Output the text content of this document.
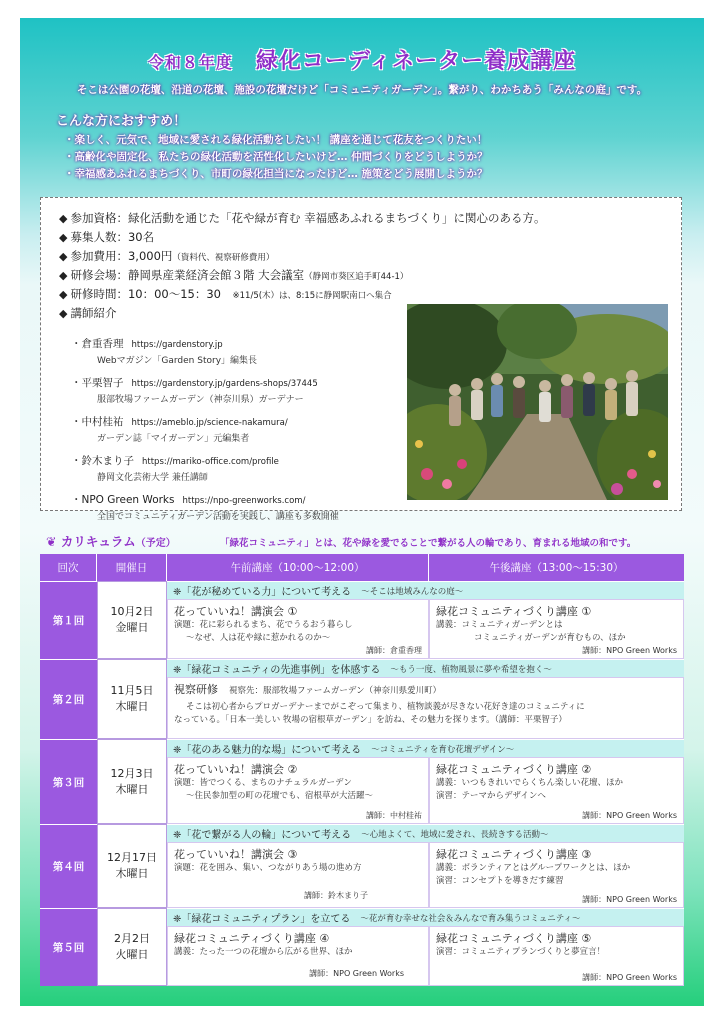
令和８年度　 緑化コーディネーター養成講座
そこは公園の花壇、沿道の花壇、施設の花壇だけど「コミュニティガーデン」。繋がり、わかちあう「みんなの庭」です。
こんな方におすすめ！
・楽しく、元気で、地域に愛される緑化活動をしたい！ 講座を通じて花友をつくりたい！
・高齢化や固定化、私たちの緑化活動を活性化したいけど… 仲間づくりをどうしようか？
・幸福感あふれるまちづくり、市町の緑化担当になったけど… 施策をどう展開しようか？
◆ 参加資格：緑化活動を通じた「花や緑が育む 幸福感あふれるまちづくり」に関心のある方。
◆ 募集人数：30名
◆ 参加費用：3,000円（資料代、視察研修費用）
◆ 研修会場：静岡県産業経済会館３階 大会議室（静岡市葵区追手町44-1）
◆ 研修時間：10：00〜15：30　 ※11/5(木）は、8:15に静岡駅南口へ集合
◆ 講師紹介
・倉重香理 https://gardenstory.jp
Webマガジン「Garden Story」編集長
・平栗智子 https://gardenstory.jp/gardens-shops/37445
服部牧場ファームガーデン（神奈川県）ガーデナー
・中村桂祐 https://ameblo.jp/science-nakamura/
ガーデン誌「マイガーデン」元編集者
・鈴木まり子 https://mariko-office.com/profile
静岡文化芸術大学 兼任講師
・NPO Green Works https://npo-greenworks.com/
全国でコミュニティガーデン活動を実践し、講座も多数開催
❦ カリキュラム（予定）	「緑花コミュニティ」とは、花や緑を愛でることで繋がる人の輪であり、育まれる地域の和です。
回次	開催日	午前講座（10:00〜12:00）	午後講座（13:00〜15:30）
第１回
10月2日
金曜日
❈「花が秘めている力」について考える 〜そこは地域みんなの庭〜
花っていいね！講演会 ①
演題：花に彩られるまち、花でうるおう暮らし
〜なぜ、人は花や緑に惹かれるのか〜
講師：倉重香理
緑花コミュニティづくり講座 ①
講義：コミュニティガーデンとは
コミュニティガーデンが育むもの、ほか
講師：NPO Green Works
第２回
11月5日
木曜日
❈「緑花コミュニティの先進事例」を体感する 〜もう一度、植物風景に夢や希望を抱く〜
視察研修　 視察先：服部牧場ファームガーデン（神奈川県愛川町）
そこは初心者からプロガーデナーまでがこぞって集まり、植物談義が尽きない花好き達のコミュニティに
なっている。「日本一美しい 牧場の宿根草ガーデン」を訪ね、その魅力を探ります。（講師：平栗智子）
第３回
12月3日
木曜日
❈「花のある魅力的な場」について考える 〜コミュニティを育む花壇デザイン〜
花っていいね！講演会 ②
演題：皆でつくる、まちのナチュラルガーデン
〜住民参加型の町の花壇でも、宿根草が大活躍〜
講師：中村桂祐
緑花コミュニティづくり講座 ②
講義：いつもきれいでらくちん楽しい花壇、ほか
演習：テーマからデザインへ
講師：NPO Green Works
第４回
12月17日
木曜日
❈「花で繋がる人の輪」について考える 〜心地よくて、地域に愛され、長続きする活動〜
花っていいね！講演会 ③
演題：花を囲み、集い、つながりあう場の進め方
講師：鈴木まり子
緑花コミュニティづくり講座 ③
講義：ボランティアとはグループワークとは、ほか
演習：コンセプトを導きだす練習
講師：NPO Green Works
第５回
2月2日
火曜日
❈「緑花コミュニティプラン」を立てる 〜花が育む幸せな社会＆みんなで育み集うコミュニティ〜
緑花コミュニティづくり講座 ④
講義：たった一つの花壇から広がる世界、ほか
講師：NPO Green Works
緑花コミュニティづくり講座 ⑤
演習：コミュニティプランづくりと夢宣言！
講師：NPO Green Works
